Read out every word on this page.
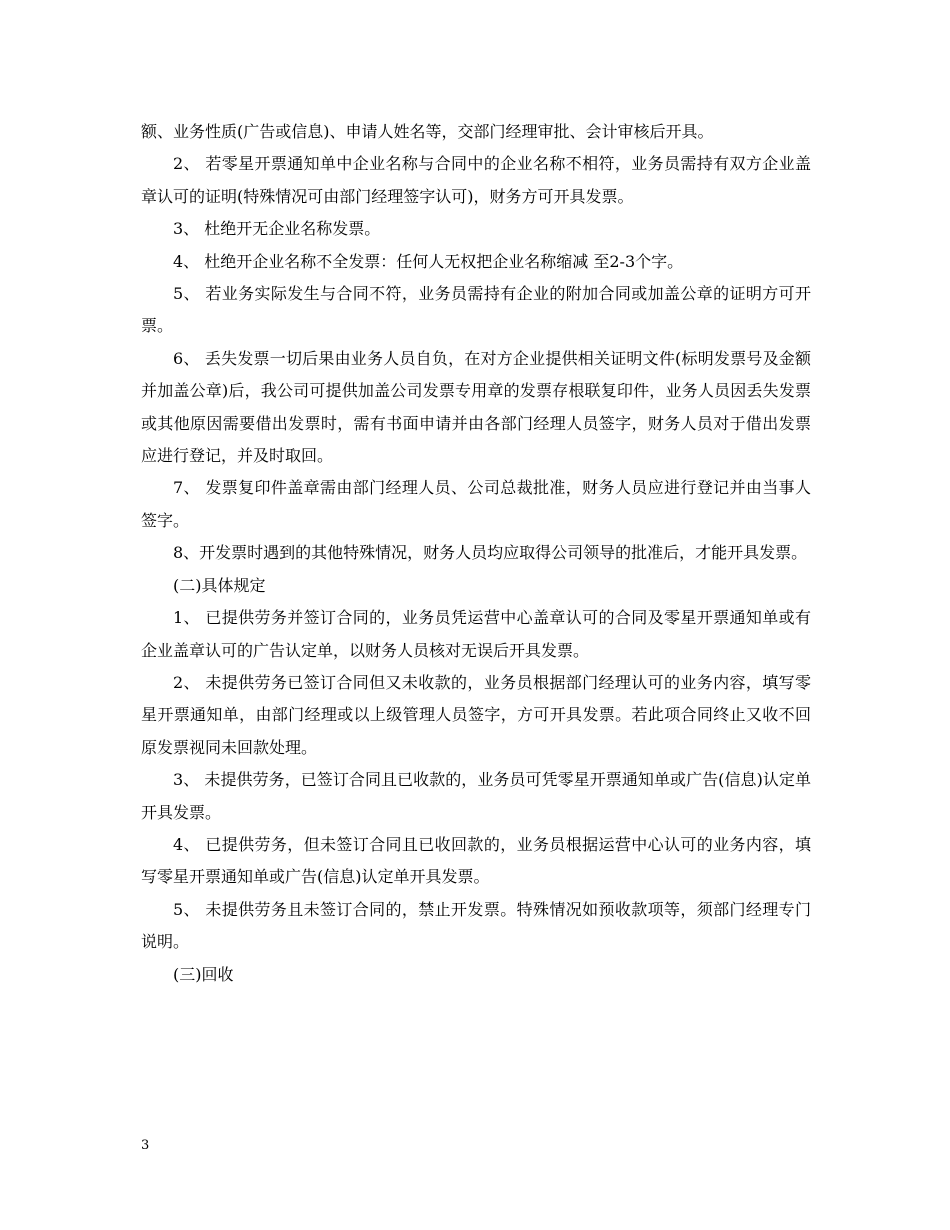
额、业务性质(广告或信息)、申请人姓名等，交部门经理审批、会计审核后开具。

2、 若零星开票通知单中企业名称与合同中的企业名称不相符，业务员需持有双方企业盖章认可的证明(特殊情况可由部门经理签字认可)，财务方可开具发票。

3、 杜绝开无企业名称发票。

4、 杜绝开企业名称不全发票：任何人无权把企业名称缩减 至2-3个字。

5、 若业务实际发生与合同不符，业务员需持有企业的附加合同或加盖公章的证明方可开票。

6、 丢失发票一切后果由业务人员自负，在对方企业提供相关证明文件(标明发票号及金额并加盖公章)后，我公司可提供加盖公司发票专用章的发票存根联复印件，业务人员因丢失发票或其他原因需要借出发票时，需有书面申请并由各部门经理人员签字，财务人员对于借出发票应进行登记，并及时取回。

7、 发票复印件盖章需由部门经理人员、公司总裁批准，财务人员应进行登记并由当事人签字。

8、开发票时遇到的其他特殊情况，财务人员均应取得公司领导的批准后，才能开具发票。

(二)具体规定

1、 已提供劳务并签订合同的，业务员凭运营中心盖章认可的合同及零星开票通知单或有企业盖章认可的广告认定单，以财务人员核对无误后开具发票。

2、 未提供劳务已签订合同但又未收款的，业务员根据部门经理认可的业务内容，填写零星开票通知单，由部门经理或以上级管理人员签字，方可开具发票。若此项合同终止又收不回原发票视同未回款处理。

3、 未提供劳务，已签订合同且已收款的，业务员可凭零星开票通知单或广告(信息)认定单开具发票。

4、 已提供劳务，但未签订合同且已收回款的，业务员根据运营中心认可的业务内容，填写零星开票通知单或广告(信息)认定单开具发票。

5、 未提供劳务且未签订合同的，禁止开发票。特殊情况如预收款项等，须部门经理专门说明。

(三)回收

3
